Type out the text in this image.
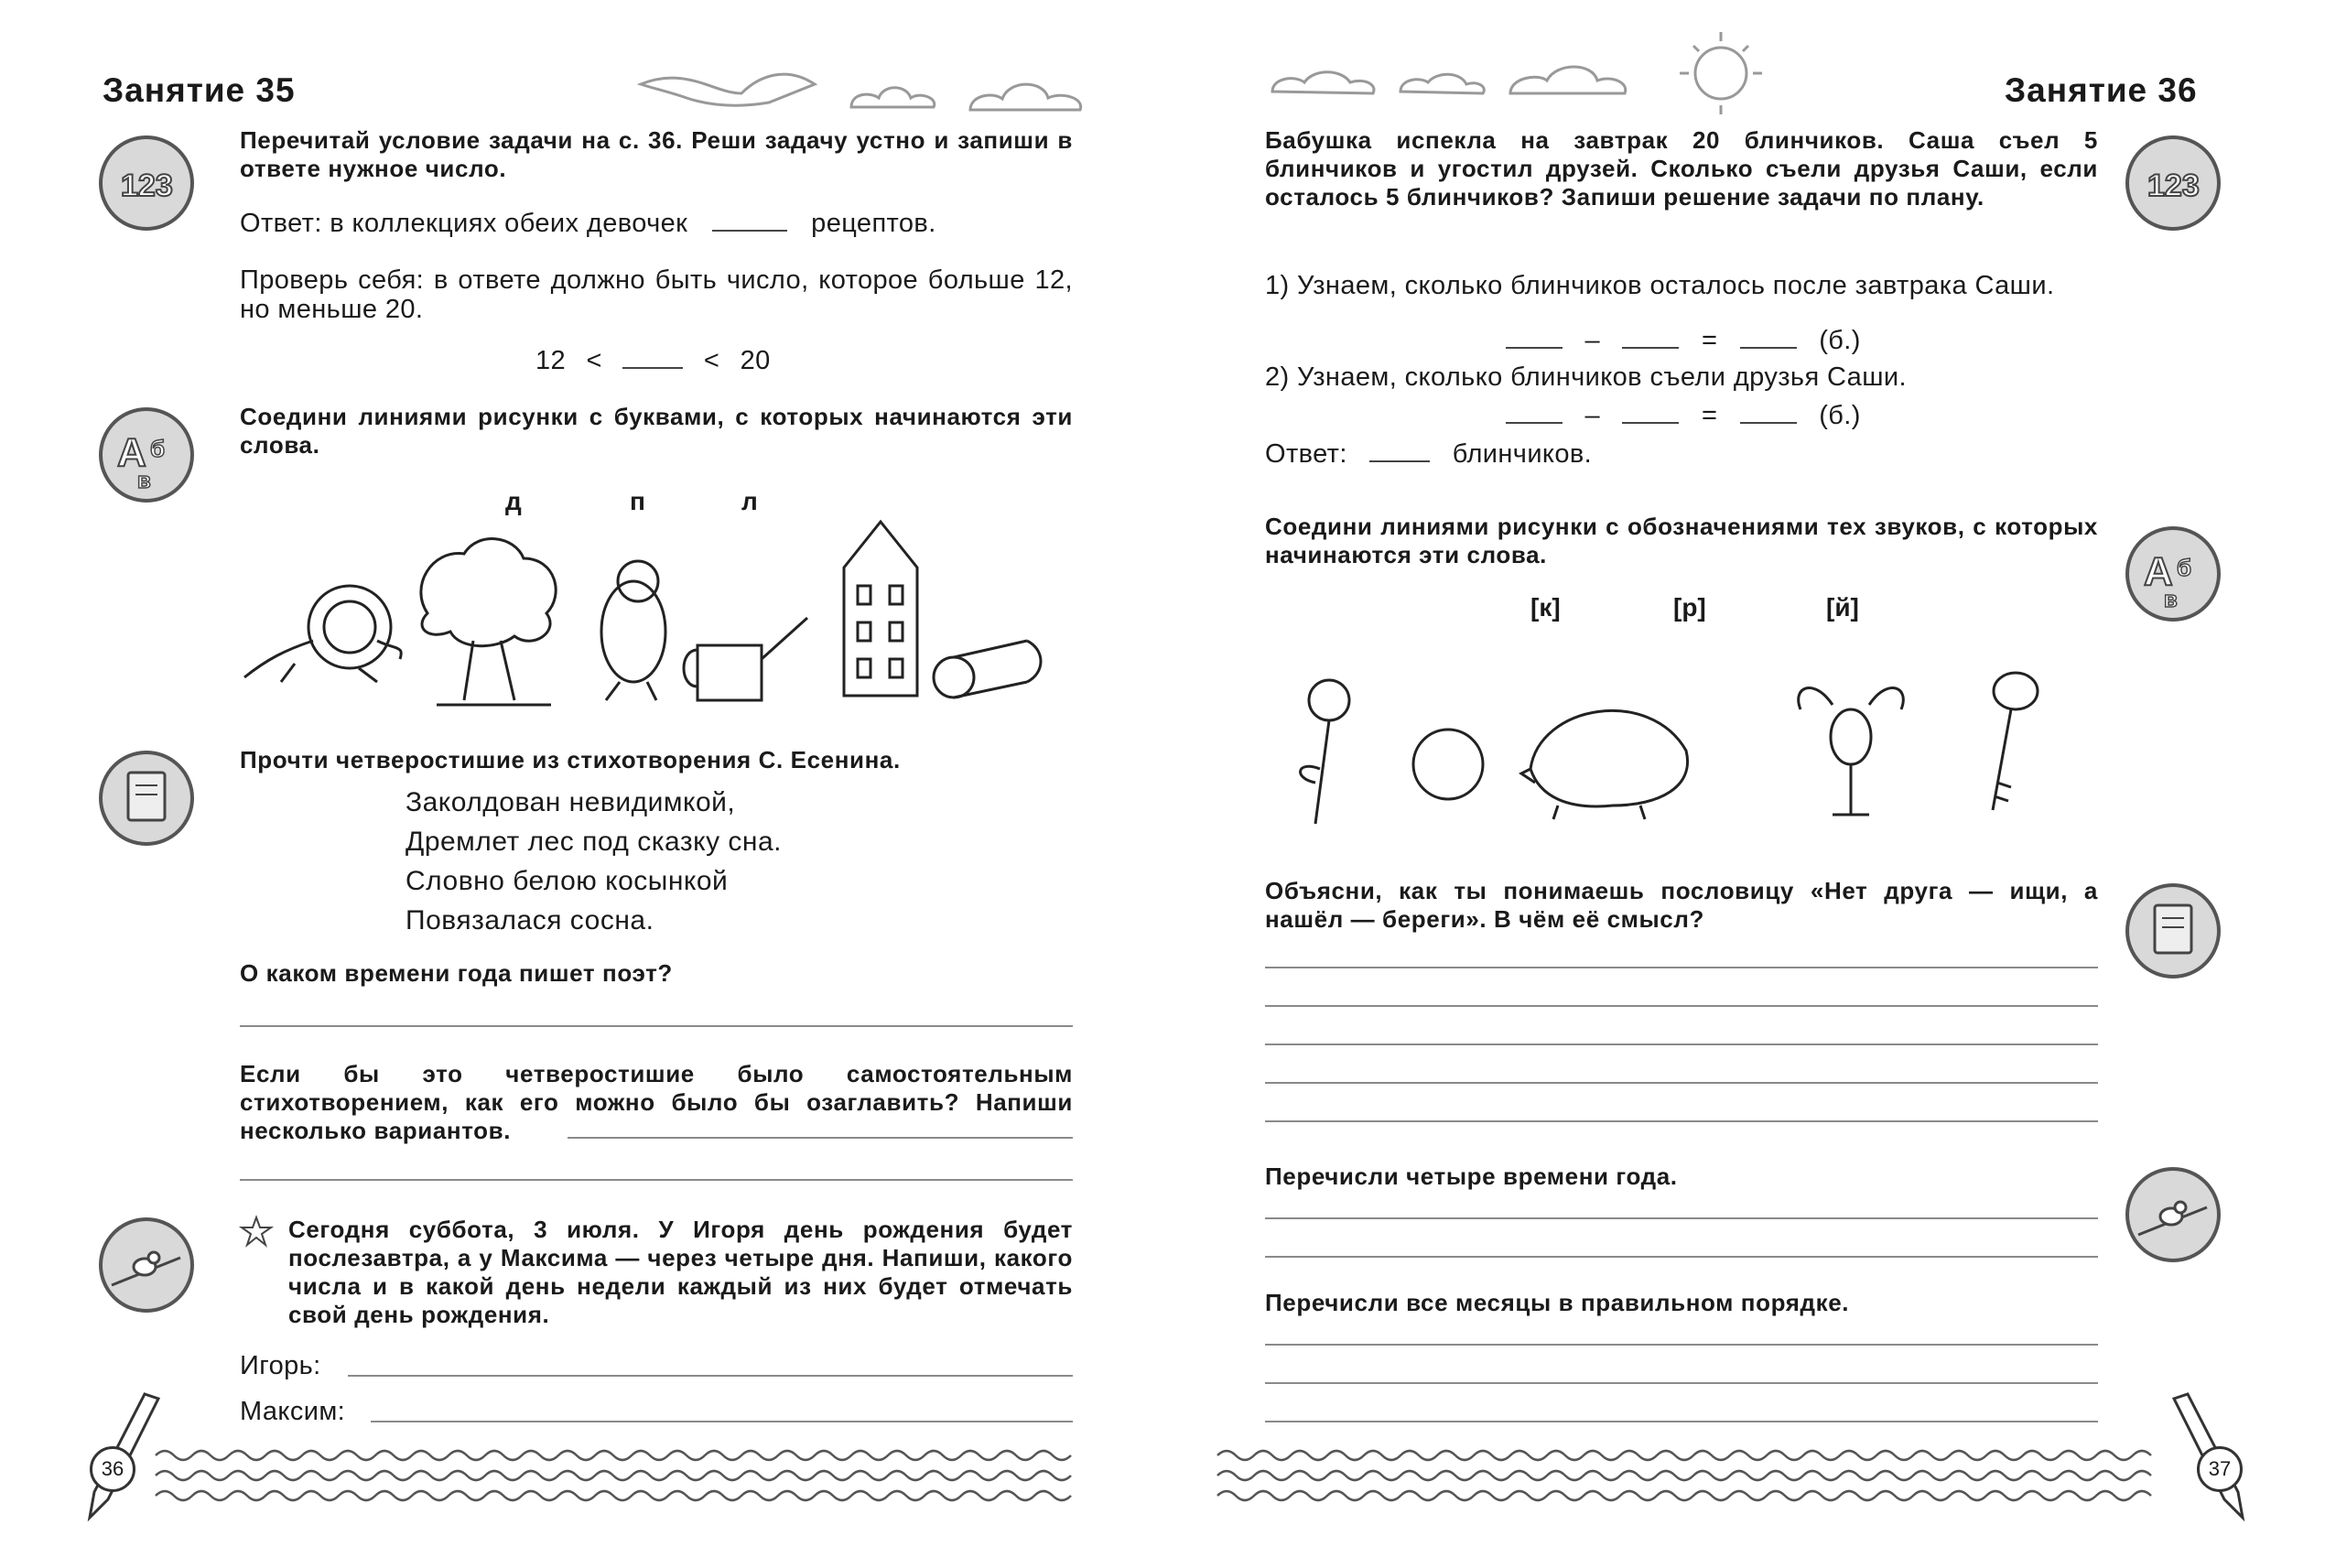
Занятие 35
123
Перечитай условие задачи на с. 36. Реши задачу устно и запиши в ответе нужное число.
Ответ: в коллекциях обеих девочек	рецептов.
Проверь себя: в ответе должно быть число, которое больше 12, но меньше 20.
12 <	< 20
А б
в
Соедини линиями рисунки с буквами, с которых начинаются эти слова.
д	п	л
Прочти четверостишие из стихотворения С. Есенина.
Заколдован невидимкой,
Дремлет лес под сказку сна.
Словно белою косынкой
Повязалася сосна.
О каком времени года пишет поэт?
Если бы это четверостишие было самостоятельным стихотворением, как его можно было бы озаглавить? Напиши несколько вариантов.
Сегодня суббота, 3 июля. У Игоря день рождения будет послезавтра, а у Максима — через четыре дня. Напиши, какого числа и в какой день недели каждый из них будет отмечать свой день рождения.
Игорь:
Максим:
36
Занятие 36
123
Бабушка испекла на завтрак 20 блинчиков. Саша съел 5 блинчиков и угостил друзей. Сколько съели друзья Саши, если осталось 5 блинчиков? Запиши решение задачи по плану.
1) Узнаем, сколько блинчиков осталось после завтрака Саши.
–	=	(б.)
2) Узнаем, сколько блинчиков съели друзья Саши.
–	=	(б.)
Ответ:	блинчиков.
А б
в
Соедини линиями рисунки с обозначениями тех звуков, с которых начинаются эти слова.
[к]	[р]	[й]
Объясни, как ты понимаешь пословицу «Нет друга — ищи, а нашёл — береги». В чём её смысл?
Перечисли четыре времени года.
Перечисли все месяцы в правильном порядке.
37
